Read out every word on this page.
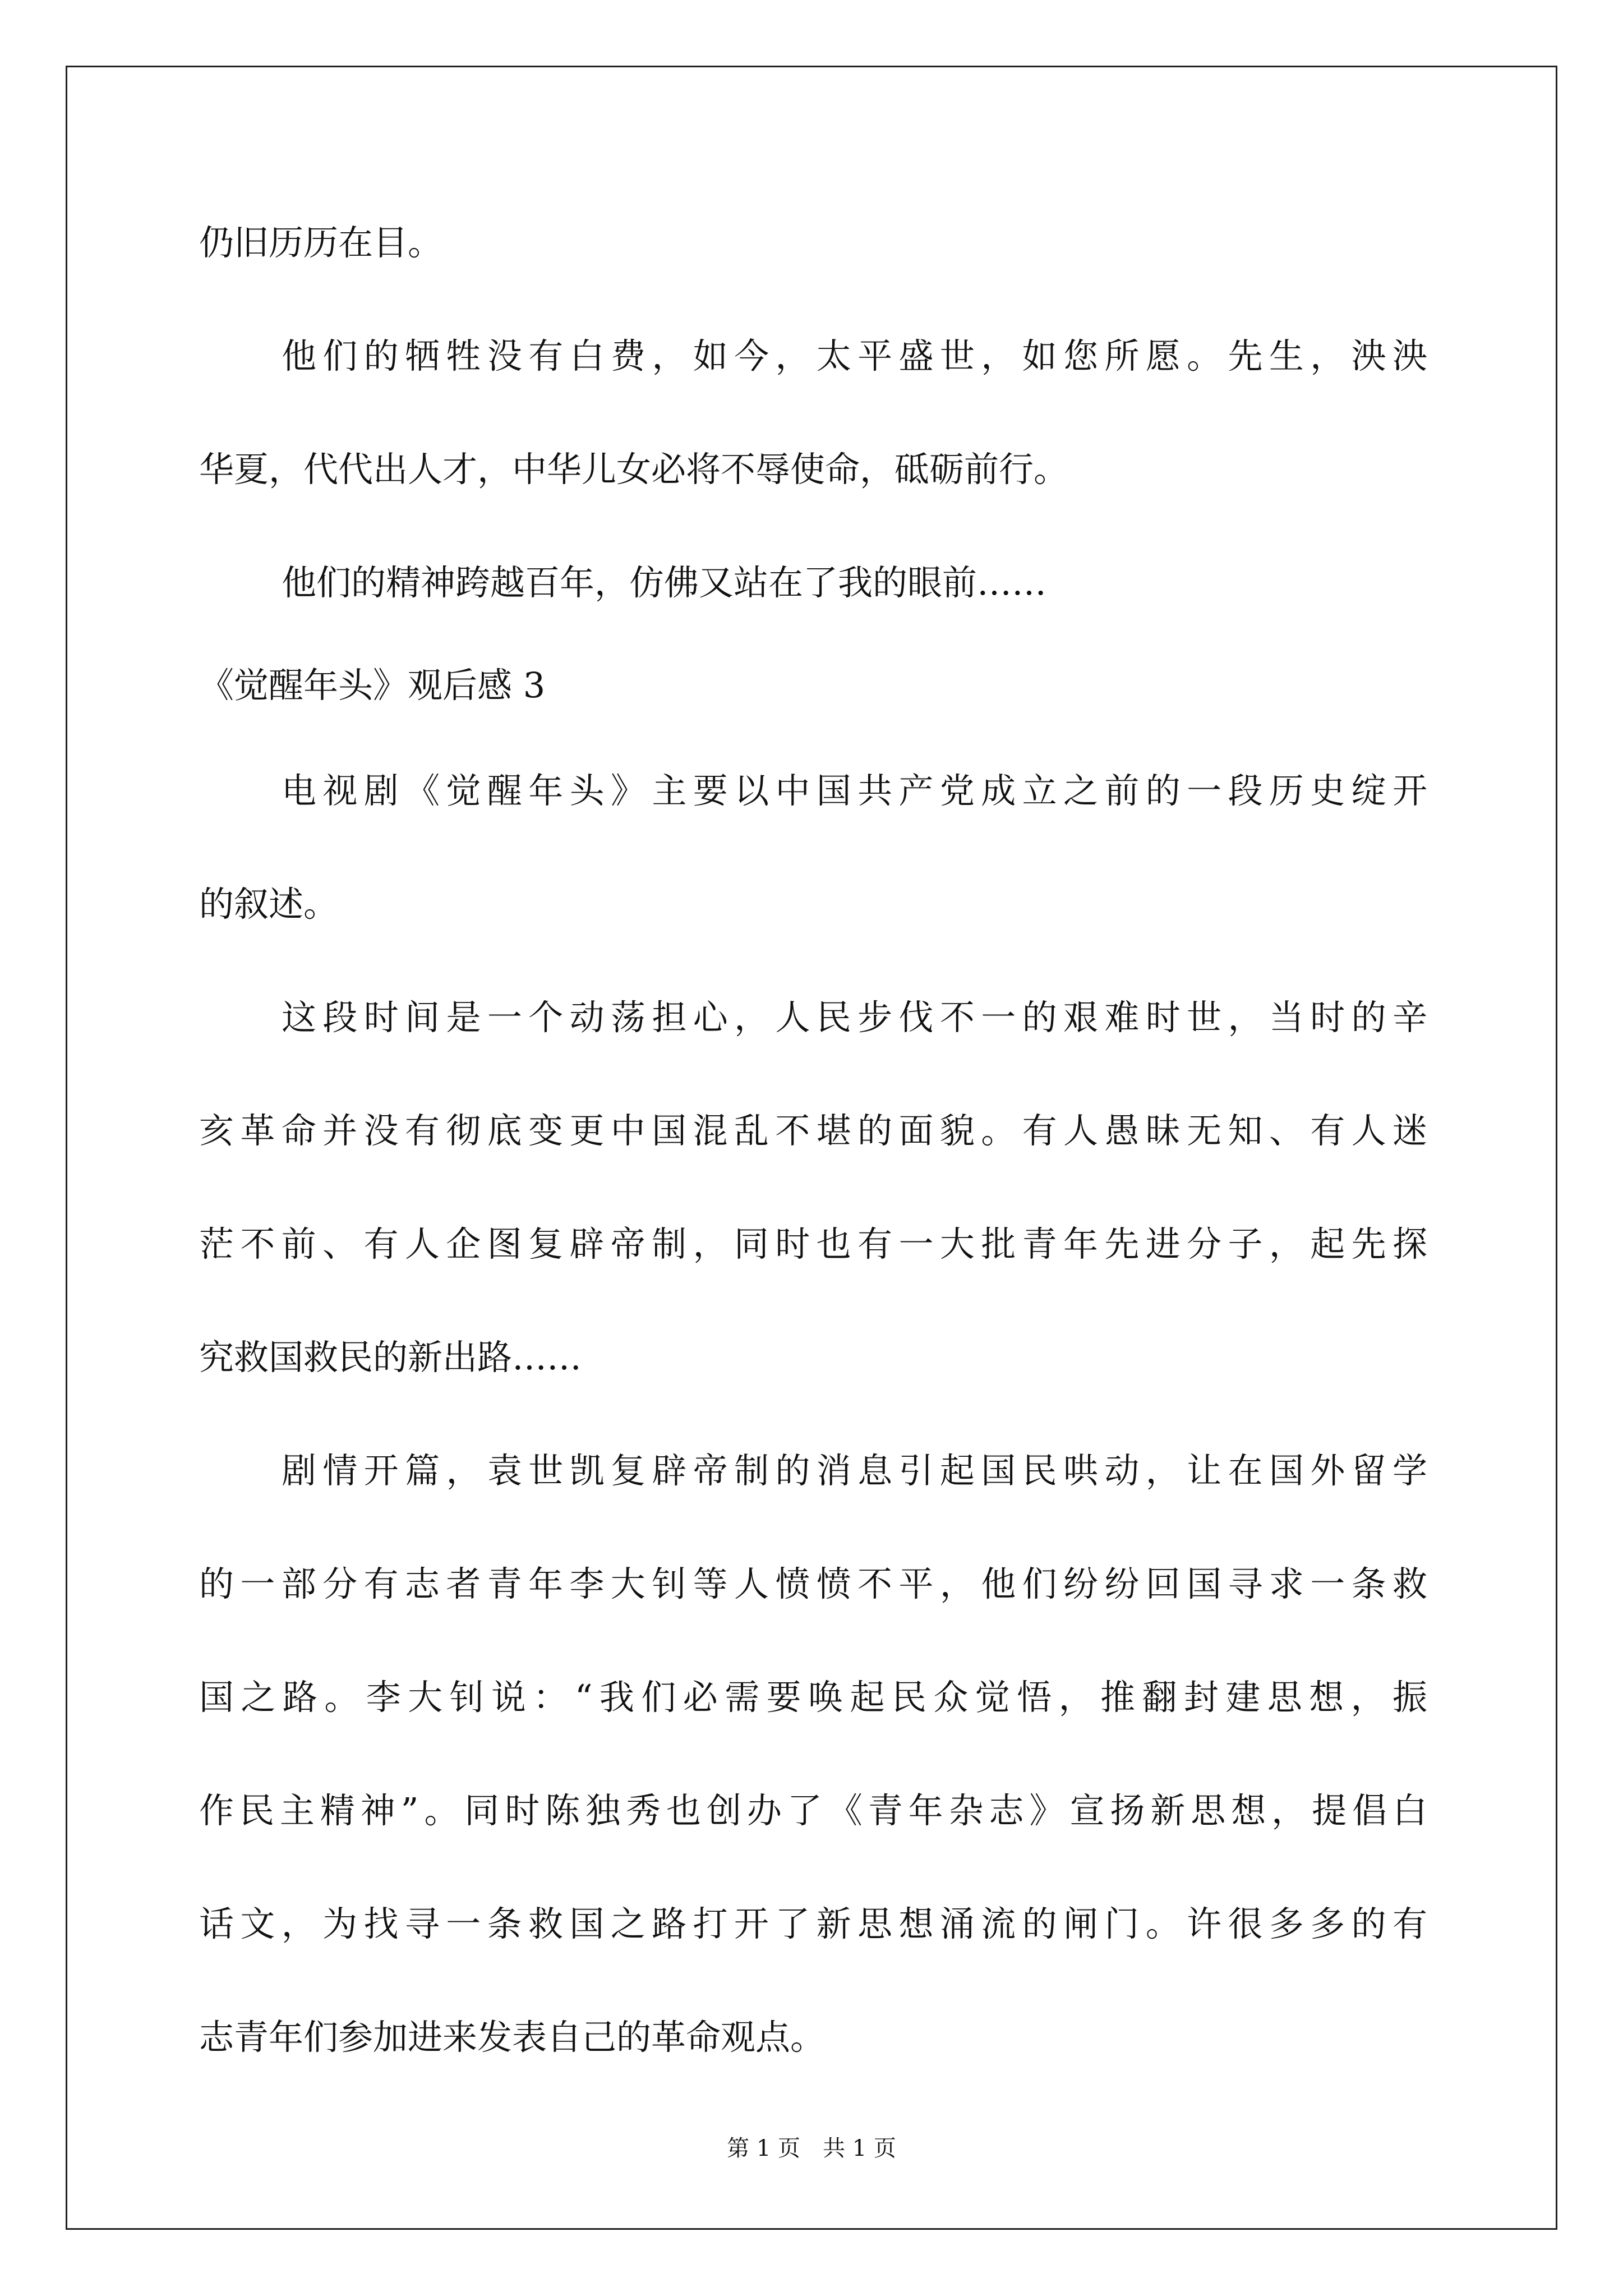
仍旧历历在目。
他们的牺牲没有白费，如今，太平盛世，如您所愿。先生，泱泱
华夏，代代出人才，中华儿女必将不辱使命，砥砺前行。
他们的精神跨越百年，仿佛又站在了我的眼前……
《觉醒年头》观后感 3
电视剧《觉醒年头》主要以中国共产党成立之前的一段历史绽开
的叙述。
这段时间是一个动荡担心，人民步伐不一的艰难时世，当时的辛
亥革命并没有彻底变更中国混乱不堪的面貌。有人愚昧无知、有人迷
茫不前、有人企图复辟帝制，同时也有一大批青年先进分子，起先探
究救国救民的新出路……
剧情开篇，袁世凯复辟帝制的消息引起国民哄动，让在国外留学
的一部分有志者青年李大钊等人愤愤不平，他们纷纷回国寻求一条救
国之路。李大钊说：“我们必需要唤起民众觉悟，推翻封建思想，振
作民主精神”。同时陈独秀也创办了《青年杂志》宣扬新思想，提倡白
话文，为找寻一条救国之路打开了新思想涌流的闸门。许很多多的有
志青年们参加进来发表自己的革命观点。
第 1 页　共 1 页
